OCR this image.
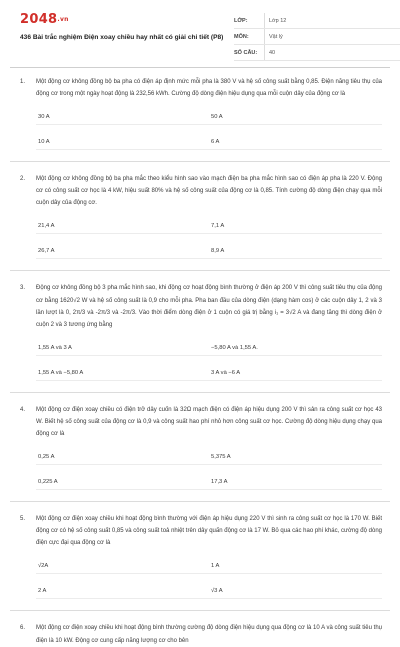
2048.vn
436 Bài trắc nghiệm Điện xoay chiều hay nhất có giải chi tiết (P8)
LỚP:	Lớp 12
MÔN:	Vật lý
SỐ CÂU:	40
1. Một động cơ không đồng bộ ba pha có điện áp định mức mỗi pha là 380 V và hệ số công suất bằng 0,85. Điện năng tiêu thụ của động cơ trong một ngày hoạt động là 232,56 kWh. Cường độ dòng điện hiệu dụng qua mỗi cuộn dây của động cơ là
30 A	50 A
10 A	6 A
2. Một động cơ không đồng bộ ba pha mắc theo kiểu hình sao vào mạch điện ba pha mắc hình sao có điện áp pha là 220 V. Động cơ có công suất cơ học là 4 kW, hiệu suất 80% và hệ số công suất của động cơ là 0,85. Tính cường độ dòng điện chạy qua mỗi cuộn dây của động cơ.
21,4 A	7,1 A
26,7 A	8,9 A
3. Động cơ không đồng bộ 3 pha mắc hình sao, khi động cơ hoạt động bình thường ở điện áp 200 V thì công suất tiêu thụ của động cơ bằng 1620√2 W và hệ số công suất là 0,9 cho mỗi pha. Pha ban đầu của dòng điện (dạng hàm cos) ở các cuộn dây 1, 2 và 3 lần lượt là 0, 2π/3 và -2π/3 và -2π/3. Vào thời điểm dòng điện ở 1 cuộn có giá trị bằng i₁ = 3√2 A và đang tăng thì dòng điện ở cuộn 2 và 3 tương ứng bằng
1,55 A và 3 A	−5,80 A và 1,55 A.
1,55 A và −5,80 A	3 A và −6 A
4. Một động cơ điện xoay chiều có điện trở dây cuốn là 32Ω mạch điện có điện áp hiệu dụng 200 V thì sản ra công suất cơ học 43 W. Biết hệ số công suất của động cơ là 0,9 và công suất hao phí nhỏ hơn công suất cơ học. Cường độ dòng hiệu dụng chạy qua động cơ là
0,25 A	5,375 A
0,225 A	17,3 A
5. Một động cơ điện xoay chiều khi hoạt động bình thường với điện áp hiệu dụng 220 V thì sinh ra công suất cơ học là 170 W. Biết động cơ có hệ số công suất 0,85 và công suất toả nhiệt trên dây quấn động cơ là 17 W. Bỏ qua các hao phí khác, cường độ dòng điện cực đại qua động cơ là
√2A	1 A
2 A	√3 A
6. Một động cơ điện xoay chiều khi hoạt động bình thường cường độ dòng điện hiệu dụng qua động cơ là 10 A và công suất tiêu thụ điện là 10 kW. Động cơ cung cấp năng lượng cơ cho bên
